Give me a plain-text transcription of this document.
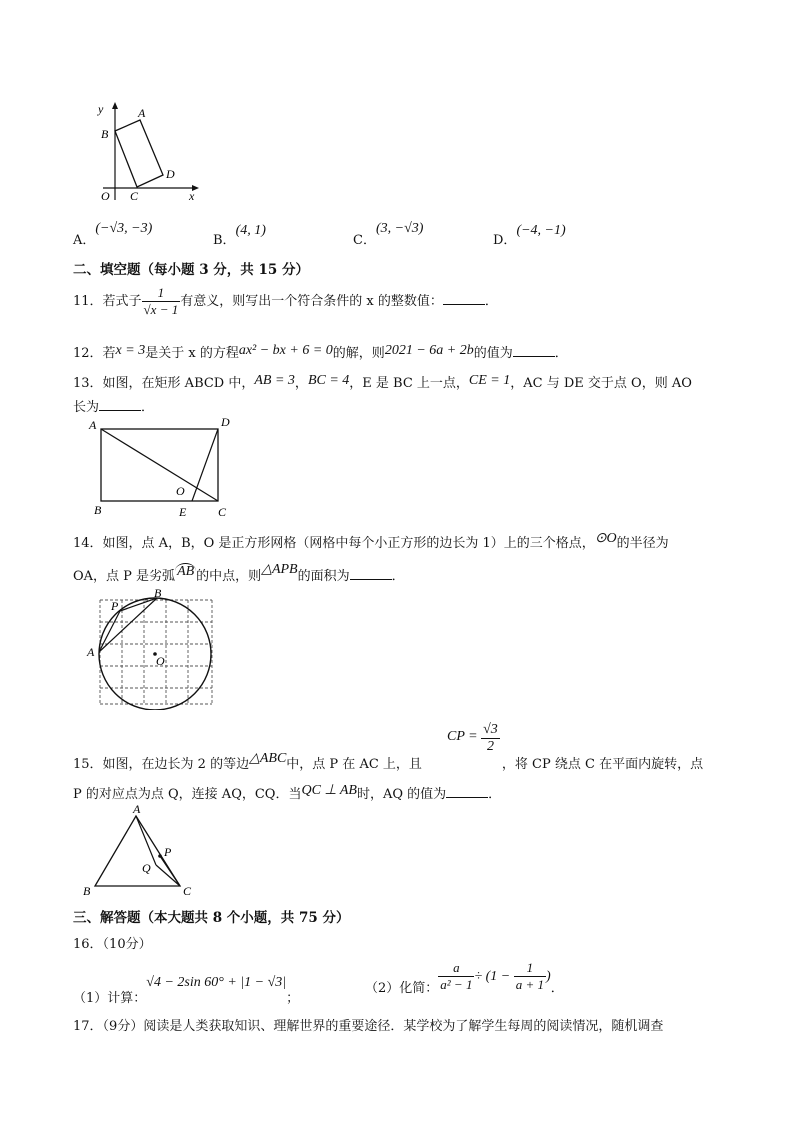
y	A
B
D
O C	x
A．(−√3, −3)
B．(4, 1)
C．(3, −√3)
D．(−4, −1)
二、填空题（每小题 3 分，共 15 分）
11．若式子 $\frac{1}{√x - 1}$ 有意义，则写出一个符合条件的 x 的整数值：	．
12．若x = 3是关于 x 的方程ax² − bx + 6 = 0的解，则2021 − 6a + 2b的值为	．
13．如图，在矩形 ABCD 中，AB = 3，BC = 4，E 是 BC 上一点，CE = 1，AC 与 DE 交于点 O，则 AO
长为	．
A	D
O
B	E	C
14．如图，点 A，B，O 是正方形网格（网格中每个小正方形的边长为 1）上的三个格点，⊙O的半径为
OA，点 P 是劣弧 AB 的中点，则△APB的面积为	．
P
B
A
O
CP = $\frac{√3}{2}$
15．如图，在边长为 2 的等边△ABC中，点 P 在 AC 上，且	，将 CP 绕点 C 在平面内旋转，点
P 的对应点为点 Q，连接 AQ，CQ．当QC ⊥ AB时，AQ 的值为	．
A
P
Q
B	C
三、解答题（本大题共 8 个小题，共 75 分）
16．（10分）
（1）计算：√4 − 2sin 60° + |1 − √3|；
（2）化简： $\frac{a}{\text{a² − 1}} \div (1 - \frac{1}{a + 1}$ )．
17．（9分）阅读是人类获取知识、理解世界的重要途径．某学校为了解学生每周的阅读情况，随机调查
